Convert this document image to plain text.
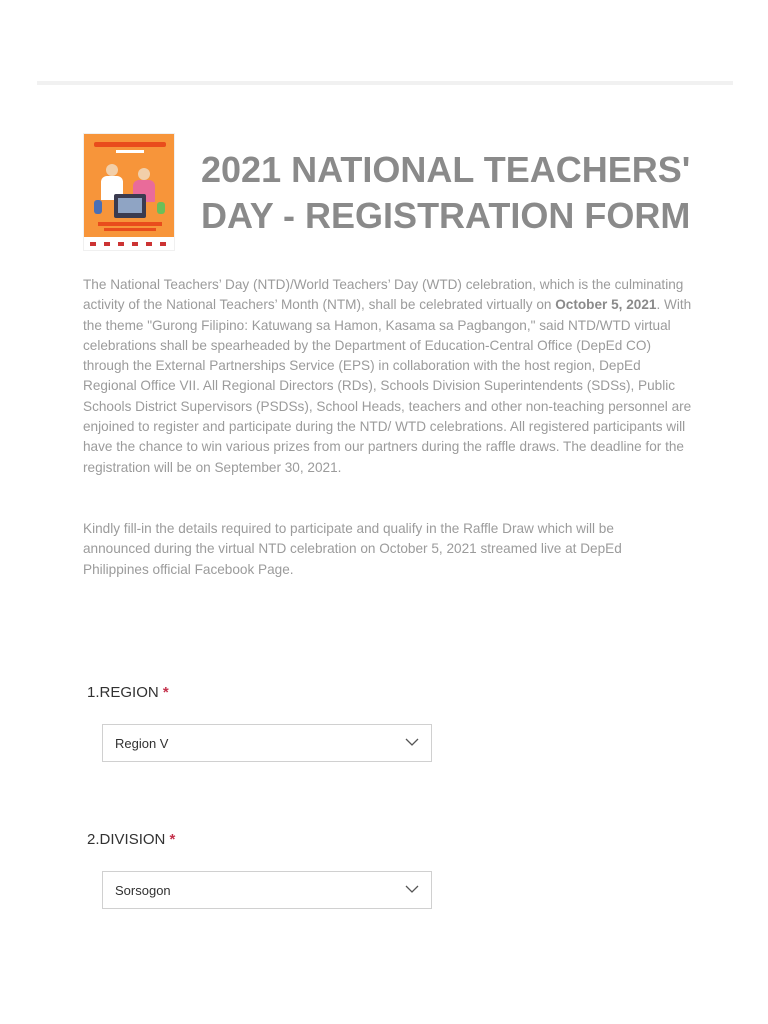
2021 NATIONAL TEACHERS'
DAY - REGISTRATION FORM

The National Teachers’ Day (NTD)/World Teachers’ Day (WTD) celebration, which is the culminating activity of the National Teachers’ Month (NTM), shall be celebrated virtually on October 5, 2021. With the theme "Gurong Filipino: Katuwang sa Hamon, Kasama sa Pagbangon," said NTD/WTD virtual celebrations shall be spearheaded by the Department of Education-Central Office (DepEd CO) through the External Partnerships Service (EPS) in collaboration with the host region, DepEd Regional Office VII. All Regional Directors (RDs), Schools Division Superintendents (SDSs), Public Schools District Supervisors (PSDSs), School Heads, teachers and other non-teaching personnel are enjoined to register and participate during the NTD/ WTD celebrations. All registered participants will have the chance to win various prizes from our partners during the raffle draws. The deadline for the registration will be on September 30, 2021.

Kindly fill-in the details required to participate and qualify in the Raffle Draw which will be announced during the virtual NTD celebration on October 5, 2021 streamed live at DepEd Philippines official Facebook Page.

1.REGION *
Region V
2.DIVISION *
Sorsogon
